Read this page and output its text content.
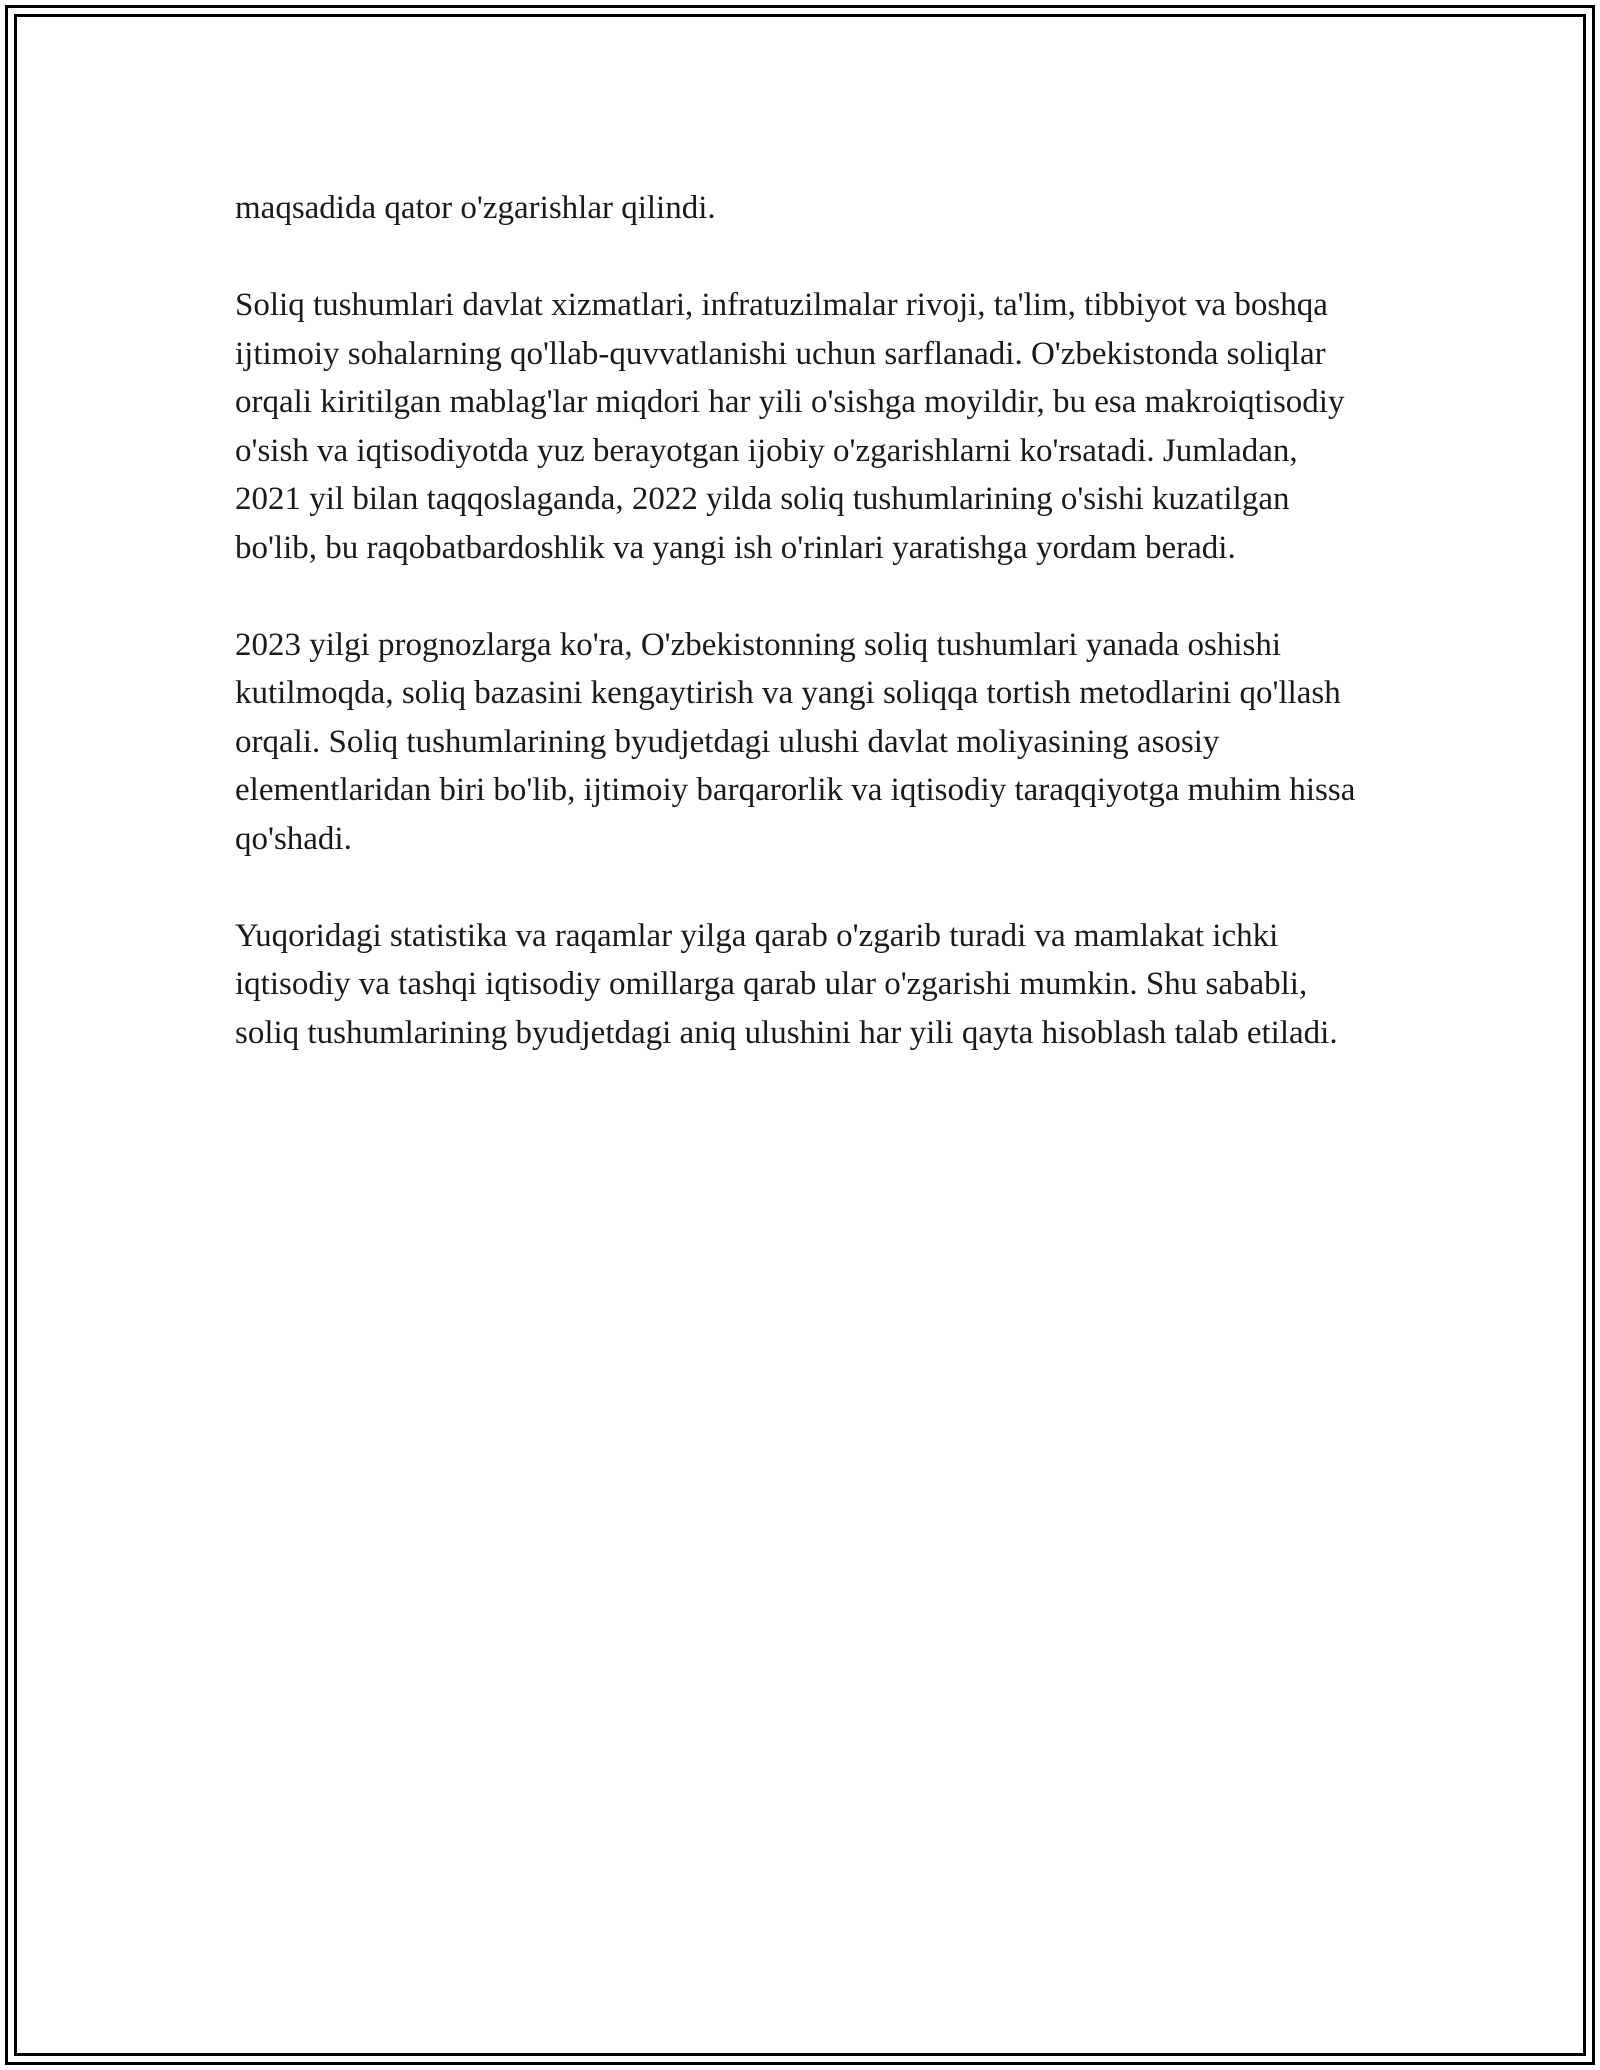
maqsadida qator o'zgarishlar qilindi.

Soliq tushumlari davlat xizmatlari, infratuzilmalar rivoji, ta'lim, tibbiyot va boshqa ijtimoiy sohalarning qo'llab-quvvatlanishi uchun sarflanadi. O'zbekistonda soliqlar orqali kiritilgan mablag'lar miqdori har yili o'sishga moyildir, bu esa makroiqtisodiy o'sish va iqtisodiyotda yuz berayotgan ijobiy o'zgarishlarni ko'rsatadi. Jumladan, 2021 yil bilan taqqoslaganda, 2022 yilda soliq tushumlarining o'sishi kuzatilgan bo'lib, bu raqobatbardoshlik va yangi ish o'rinlari yaratishga yordam beradi.

2023 yilgi prognozlarga ko'ra, O'zbekistonning soliq tushumlari yanada oshishi kutilmoqda, soliq bazasini kengaytirish va yangi soliqqa tortish metodlarini qo'llash orqali. Soliq tushumlarining byudjetdagi ulushi davlat moliyasining asosiy elementlaridan biri bo'lib, ijtimoiy barqarorlik va iqtisodiy taraqqiyotga muhim hissa qo'shadi.

Yuqoridagi statistika va raqamlar yilga qarab o'zgarib turadi va mamlakat ichki iqtisodiy va tashqi iqtisodiy omillarga qarab ular o'zgarishi mumkin. Shu sababli, soliq tushumlarining byudjetdagi aniq ulushini har yili qayta hisoblash talab etiladi.
